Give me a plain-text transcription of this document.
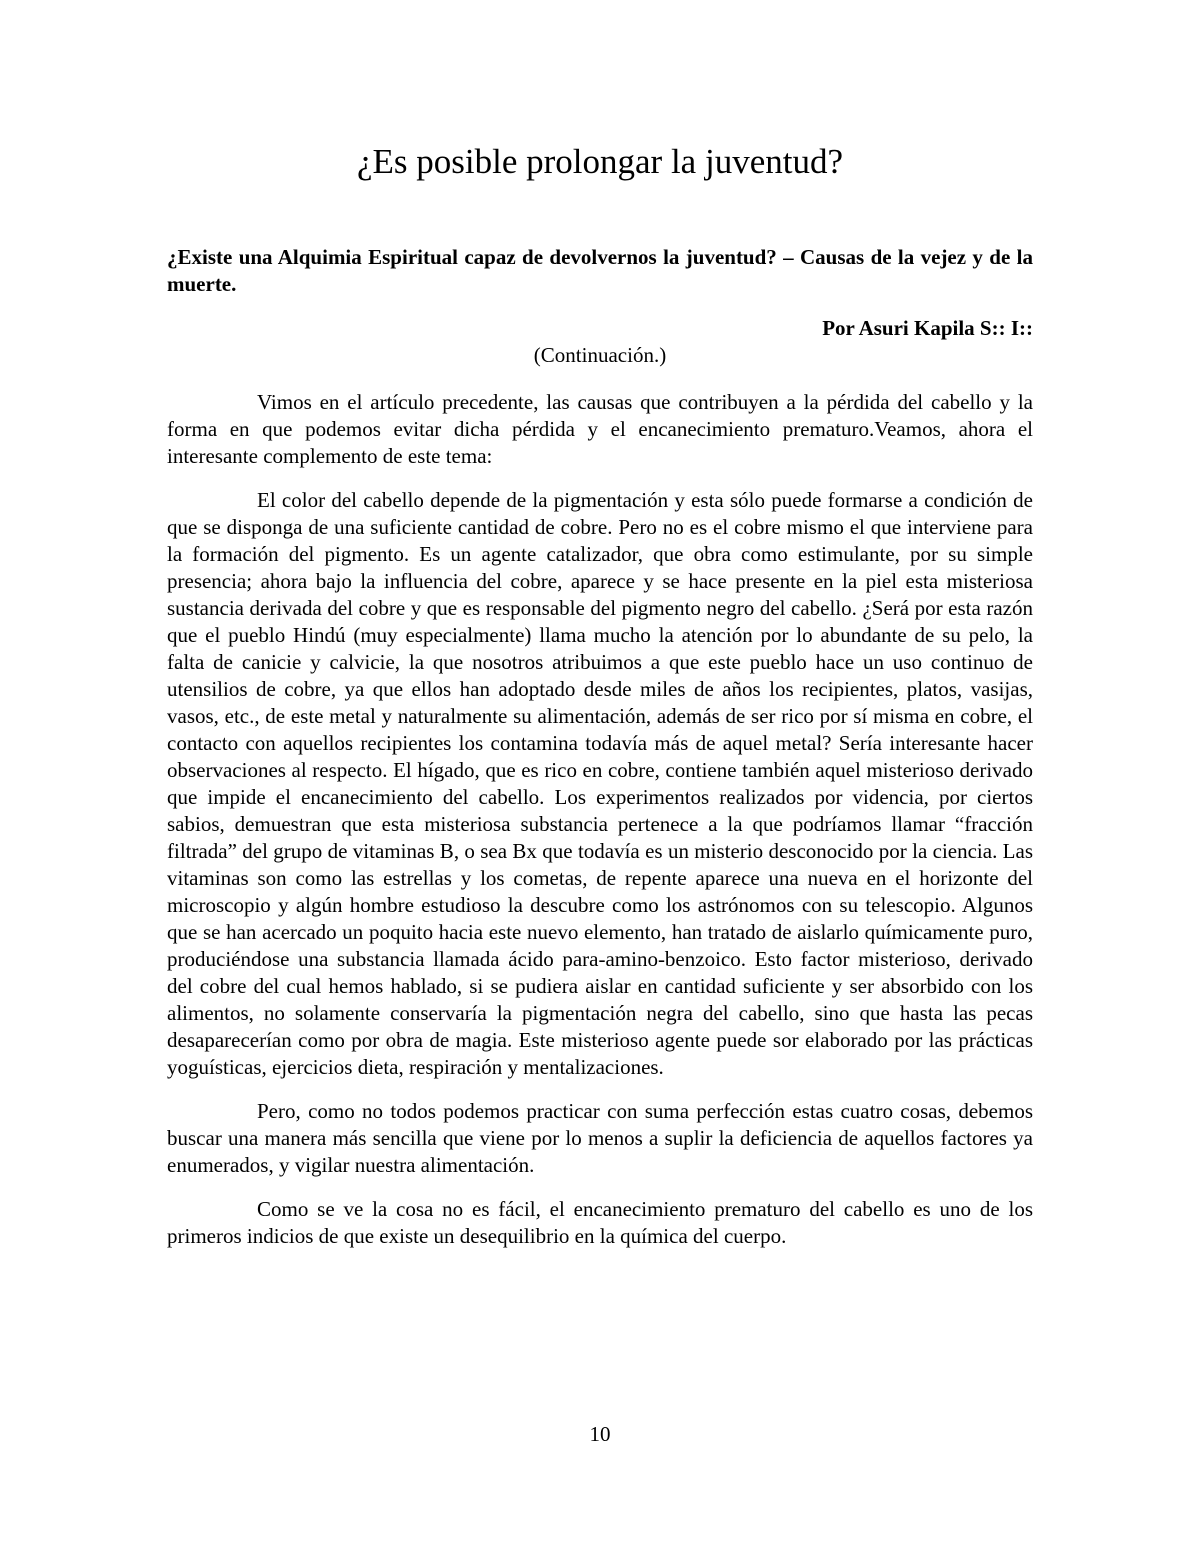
¿Es posible prolongar la juventud?

¿Existe una Alquimia Espiritual capaz de devolvernos la juventud? – Causas de la vejez y de la muerte.

Por Asuri Kapila S:: I::

(Continuación.)

Vimos en el artículo precedente, las causas que contribuyen a la pérdida del cabello y la forma en que podemos evitar dicha pérdida y el encanecimiento prematuro.Veamos, ahora el interesante complemento de este tema:

El color del cabello depende de la pigmentación y esta sólo puede formarse a condición de que se disponga de una suficiente cantidad de cobre. Pero no es el cobre mismo el que interviene para la formación del pigmento. Es un agente catalizador, que obra como estimulante, por su simple presencia; ahora bajo la influencia del cobre, aparece y se hace presente en la piel esta misteriosa sustancia derivada del cobre y que es responsable del pigmento negro del cabello. ¿Será por esta razón que el pueblo Hindú (muy especialmente) llama mucho la atención por lo abundante de su pelo, la falta de canicie y calvicie, la que nosotros atribuimos a que este pueblo hace un uso continuo de utensilios de cobre, ya que ellos han adoptado desde miles de años los recipientes, platos, vasijas, vasos, etc., de este metal y naturalmente su alimentación, además de ser rico por sí misma en cobre, el contacto con aquellos recipientes los contamina todavía más de aquel metal? Sería interesante hacer observaciones al respecto. El hígado, que es rico en cobre, contiene también aquel misterioso derivado que impide el encanecimiento del cabello. Los experimentos realizados por videncia, por ciertos sabios, demuestran que esta misteriosa substancia pertenece a la que podríamos llamar “fracción filtrada” del grupo de vitaminas B, o sea Bx que todavía es un misterio desconocido por la ciencia. Las vitaminas son como las estrellas y los cometas, de repente aparece una nueva en el horizonte del microscopio y algún hombre estudioso la descubre como los astrónomos con su telescopio. Algunos que se han acercado un poquito hacia este nuevo elemento, han tratado de aislarlo químicamente puro, produciéndose una substancia llamada ácido para-amino-benzoico. Esto factor misterioso, derivado del cobre del cual hemos hablado, si se pudiera aislar en cantidad suficiente y ser absorbido con los alimentos, no solamente conservaría la pigmentación negra del cabello, sino que hasta las pecas desaparecerían como por obra de magia. Este misterioso agente puede sor elaborado por las prácticas yoguísticas, ejercicios dieta, respiración y mentalizaciones.

Pero, como no todos podemos practicar con suma perfección estas cuatro cosas, debemos buscar una manera más sencilla que viene por lo menos a suplir la deficiencia de aquellos factores ya enumerados, y vigilar nuestra alimentación.

Como se ve la cosa no es fácil, el encanecimiento prematuro del cabello es uno de los primeros indicios de que existe un desequilibrio en la química del cuerpo.

10
